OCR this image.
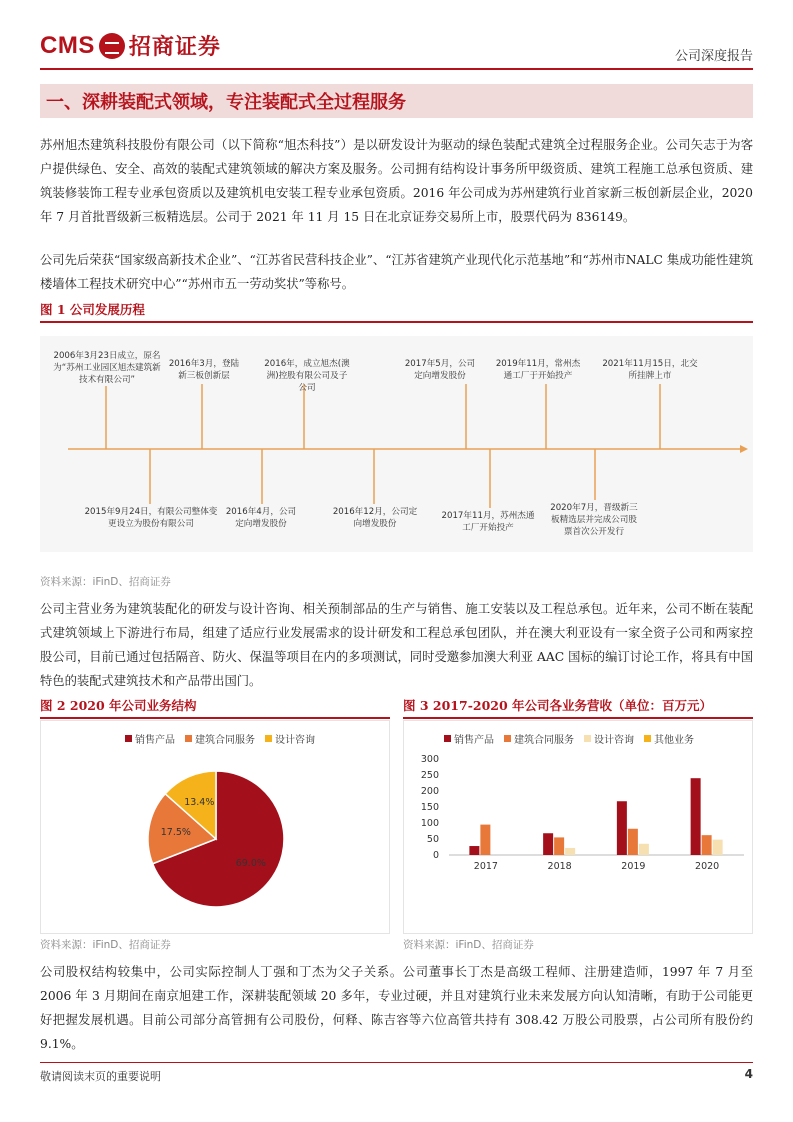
CMS 招商证券	公司深度报告
一、深耕装配式领域，专注装配式全过程服务

苏州旭杰建筑科技股份有限公司（以下简称“旭杰科技”）是以研发设计为驱动的绿色装配式建筑全过程服务企业。公司矢志于为客户提供绿色、安全、高效的装配式建筑领域的解决方案及服务。公司拥有结构设计事务所甲级资质、建筑工程施工总承包资质、建筑装修装饰工程专业承包资质以及建筑机电安装工程专业承包资质。2016 年公司成为苏州建筑行业首家新三板创新层企业，2020 年 7 月首批晋级新三板精选层。公司于 2021 年 11 月 15 日在北京证券交易所上市，股票代码为 836149。

公司先后荣获“国家级高新技术企业”、“江苏省民营科技企业”、“江苏省建筑产业现代化示范基地”和“苏州市NALC 集成功能性建筑楼墙体工程技术研究中心”“苏州市五一劳动奖状”等称号。

图 1 公司发展历程
2006年3月23日成立，原名为“苏州工业园区旭杰建筑新技术有限公司”
2016年3月，登陆新三板创新层
2016年，成立旭杰(澳洲)控股有限公司及子公司
2017年5月，公司定向增发股份
2019年11月，常州杰通工厂于开始投产
2021年11月15日，北交所挂牌上市
2015年9月24日，有限公司整体变更设立为股份有限公司
2016年4月，公司定向增发股份
2016年12月，公司定向增发股份
2017年11月，苏州杰通工厂开始投产
2020年7月，晋级新三板精选层并完成公司股票首次公开发行
资料来源：iFinD、招商证券

公司主营业务为建筑装配化的研发与设计咨询、相关预制部品的生产与销售、施工安装以及工程总承包。近年来，公司不断在装配式建筑领域上下游进行布局，组建了适应行业发展需求的设计研发和工程总承包团队，并在澳大利亚设有一家全资子公司和两家控股公司，目前已通过包括隔音、防火、保温等项目在内的多项测试，同时受邀参加澳大利亚 AAC 国标的编订讨论工作，将具有中国特色的装配式建筑技术和产品带出国门。

图 2 2020 年公司业务结构
销售产品 建筑合同服务 设计咨询
69.0%
17.5%
13.4%
资料来源：iFinD、招商证券
图 3 2017-2020 年公司各业务营收（单位：百万元）
销售产品 建筑合同服务 设计咨询 其他业务
300
250
200
150
100
50
0
2017	2018	2019	2020
资料来源：iFinD、招商证券

公司股权结构较集中，公司实际控制人丁强和丁杰为父子关系。公司董事长丁杰是高级工程师、注册建造师，1997 年 7 月至 2006 年 3 月期间在南京旭建工作，深耕装配领域 20 多年，专业过硬，并且对建筑行业未来发展方向认知清晰，有助于公司能更好把握发展机遇。目前公司部分高管拥有公司股份，何释、陈吉容等六位高管共持有 308.42 万股公司股票，占公司所有股份约 9.1%。

敬请阅读末页的重要说明	4
